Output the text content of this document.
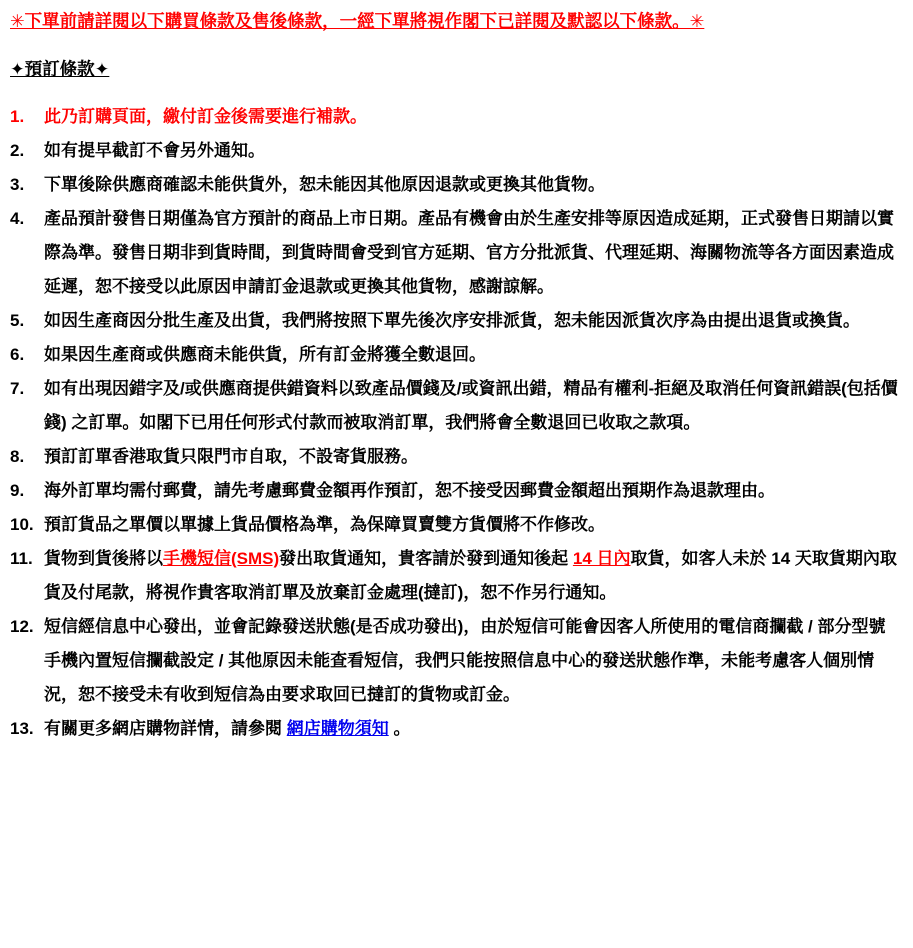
✳下單前請詳閱以下購買條款及售後條款，一經下單將視作閣下已詳閱及默認以下條款。✳
✦預訂條款✦
1.	此乃訂購頁面，繳付訂金後需要進行補款。
2.	如有提早截訂不會另外通知。
3.	下單後除供應商確認未能供貨外，恕未能因其他原因退款或更換其他貨物。
4.	產品預計發售日期僅為官方預計的商品上市日期。產品有機會由於生產安排等原因造成延期，正式發售日期請以實際為準。發售日期非到貨時間，到貨時間會受到官方延期、官方分批派貨、代理延期、海關物流等各方面因素造成延遲，恕不接受以此原因申請訂金退款或更換其他貨物，感謝諒解。
5.	如因生產商因分批生產及出貨，我們將按照下單先後次序安排派貨，恕未能因派貨次序為由提出退貨或換貨。
6.	如果因生產商或供應商未能供貨，所有訂金將獲全數退回。
7.	如有出現因錯字及/或供應商提供錯資料以致產品價錢及/或資訊出錯，精品有權利-拒絕及取消任何資訊錯誤(包括價錢) 之訂單。如閣下已用任何形式付款而被取消訂單，我們將會全數退回已收取之款項。
8.	預訂訂單香港取貨只限門市自取，不設寄貨服務。
9.	海外訂單均需付郵費，請先考慮郵費金額再作預訂，恕不接受因郵費金額超出預期作為退款理由。
10. 預訂貨品之單價以單據上貨品價格為準，為保障買賣雙方貨價將不作修改。
11. 貨物到貨後將以手機短信(SMS)發出取貨通知，貴客請於發到通知後起 14 日內取貨，如客人未於 14 天取貨期內取貨及付尾款，將視作貴客取消訂單及放棄訂金處理(撻訂)，恕不作另行通知。
12. 短信經信息中心發出，並會記錄發送狀態(是否成功發出)，由於短信可能會因客人所使用的電信商攔截 / 部分型號手機內置短信攔截設定 / 其他原因未能查看短信，我們只能按照信息中心的發送狀態作準，未能考慮客人個別情況，恕不接受未有收到短信為由要求取回已撻訂的貨物或訂金。
13. 有關更多網店購物詳情，請參閱 網店購物須知 。
